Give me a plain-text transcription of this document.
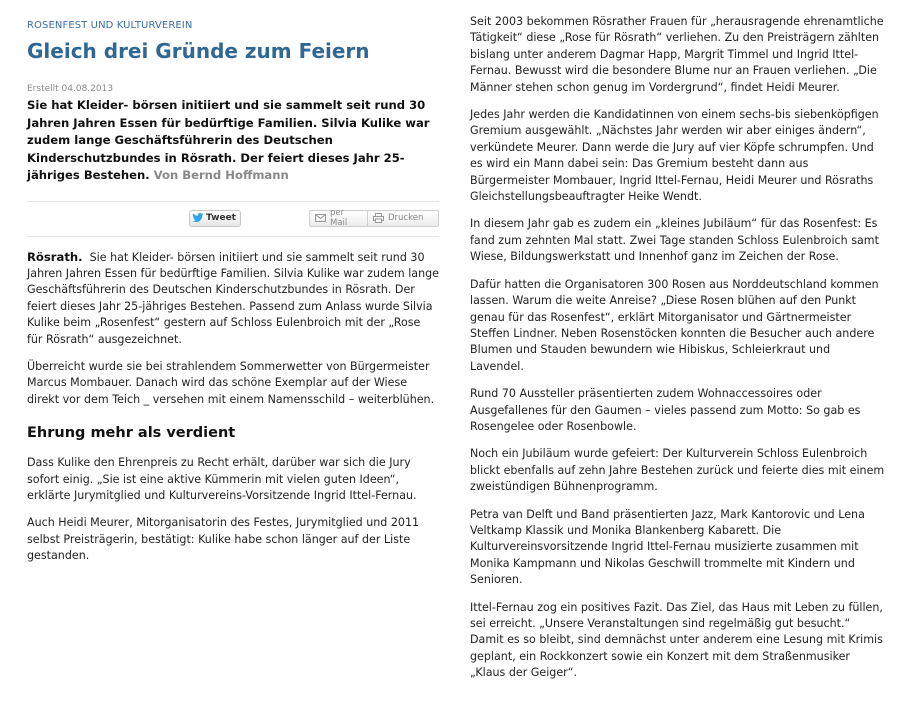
ROSENFEST UND KULTURVEREIN
Gleich drei Gründe zum Feiern
Erstellt 04.08.2013
Sie hat Kleider- börsen initiiert und sie sammelt seit rund 30 Jahren Jahren Essen für bedürftige Familien. Silvia Kulike war zudem lange Geschäftsführerin des Deutschen Kinderschutzbundes in Rösrath. Der feiert dieses Jahr 25-jähriges Bestehen. Von Bernd Hoffmann
Tweet	per Mail	Drucken

Rösrath. Sie hat Kleider- börsen initiiert und sie sammelt seit rund 30 Jahren Jahren Essen für bedürftige Familien. Silvia Kulike war zudem lange Geschäftsführerin des Deutschen Kinderschutzbundes in Rösrath. Der feiert dieses Jahr 25-jähriges Bestehen. Passend zum Anlass wurde Silvia Kulike beim „Rosenfest“ gestern auf Schloss Eulenbroich mit der „Rose für Rösrath“ ausgezeichnet.

Überreicht wurde sie bei strahlendem Sommerwetter von Bürgermeister Marcus Mombauer. Danach wird das schöne Exemplar auf der Wiese direkt vor dem Teich _ versehen mit einem Namensschild – weiterblühen.

Ehrung mehr als verdient

Dass Kulike den Ehrenpreis zu Recht erhält, darüber war sich die Jury sofort einig. „Sie ist eine aktive Kümmerin mit vielen guten Ideen“, erklärte Jurymitglied und Kulturvereins-Vorsitzende Ingrid Ittel-Fernau.

Auch Heidi Meurer, Mitorganisatorin des Festes, Jurymitglied und 2011 selbst Preisträgerin, bestätigt: Kulike habe schon länger auf der Liste gestanden.

Seit 2003 bekommen Rösrather Frauen für „herausragende ehrenamtliche Tätigkeit“ diese „Rose für Rösrath“ verliehen. Zu den Preisträgern zählten bislang unter anderem Dagmar Happ, Margrit Timmel und Ingrid Ittel-Fernau. Bewusst wird die besondere Blume nur an Frauen verliehen. „Die Männer stehen schon genug im Vordergrund“, findet Heidi Meurer.

Jedes Jahr werden die Kandidatinnen von einem sechs-bis siebenköpfigen Gremium ausgewählt. „Nächstes Jahr werden wir aber einiges ändern“, verkündete Meurer. Dann werde die Jury auf vier Köpfe schrumpfen. Und es wird ein Mann dabei sein: Das Gremium besteht dann aus Bürgermeister Mombauer, Ingrid Ittel-Fernau, Heidi Meurer und Rösraths Gleichstellungsbeauftragter Heike Wendt.

In diesem Jahr gab es zudem ein „kleines Jubiläum“ für das Rosenfest: Es fand zum zehnten Mal statt. Zwei Tage standen Schloss Eulenbroich samt Wiese, Bildungswerkstatt und Innenhof ganz im Zeichen der Rose.

Dafür hatten die Organisatoren 300 Rosen aus Norddeutschland kommen lassen. Warum die weite Anreise? „Diese Rosen blühen auf den Punkt genau für das Rosenfest“, erklärt Mitorganisator und Gärtnermeister Steffen Lindner. Neben Rosenstöcken konnten die Besucher auch andere Blumen und Stauden bewundern wie Hibiskus, Schleierkraut und Lavendel.

Rund 70 Aussteller präsentierten zudem Wohnaccessoires oder Ausgefallenes für den Gaumen – vieles passend zum Motto: So gab es Rosengelee oder Rosenbowle.

Noch ein Jubiläum wurde gefeiert: Der Kulturverein Schloss Eulenbroich blickt ebenfalls auf zehn Jahre Bestehen zurück und feierte dies mit einem zweistündigen Bühnenprogramm.

Petra van Delft und Band präsentierten Jazz, Mark Kantorovic und Lena Veltkamp Klassik und Monika Blankenberg Kabarett. Die Kulturvereinsvorsitzende Ingrid Ittel-Fernau musizierte zusammen mit Monika Kampmann und Nikolas Geschwill trommelte mit Kindern und Senioren.

Ittel-Fernau zog ein positives Fazit. Das Ziel, das Haus mit Leben zu füllen, sei erreicht. „Unsere Veranstaltungen sind regelmäßig gut besucht.“ Damit es so bleibt, sind demnächst unter anderem eine Lesung mit Krimis geplant, ein Rockkonzert sowie ein Konzert mit dem Straßenmusiker „Klaus der Geiger“.
